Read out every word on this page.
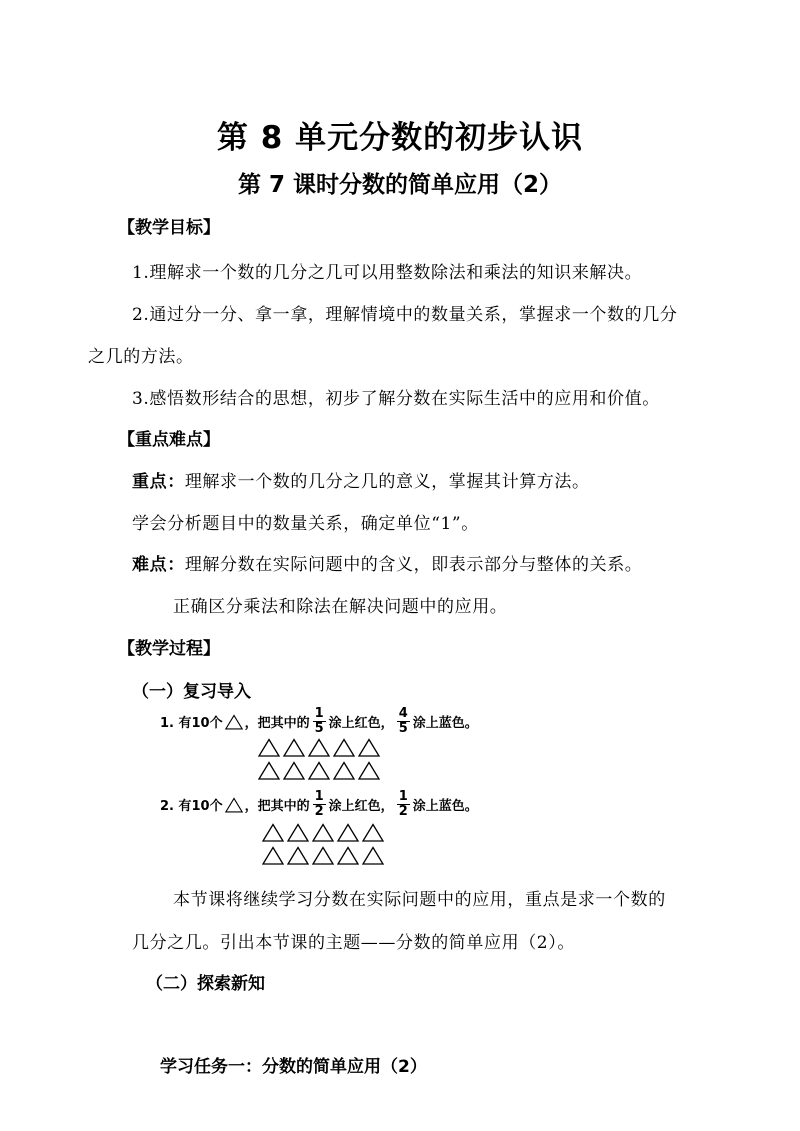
第 8 单元分数的初步认识
第 7 课时分数的简单应用（2）
【教学目标】
1.理解求一个数的几分之几可以用整数除法和乘法的知识来解决。
2.通过分一分、拿一拿，理解情境中的数量关系，掌握求一个数的几分
之几的方法。
3.感悟数形结合的思想，初步了解分数在实际生活中的应用和价值。
【重点难点】
重点：理解求一个数的几分之几的意义，掌握其计算方法。
学会分析题目中的数量关系，确定单位“1”。
难点：理解分数在实际问题中的含义，即表示部分与整体的关系。
正确区分乘法和除法在解决问题中的应用。
【教学过程】
（一）复习导入
1. 有10个 ，把其中的 $\frac{1}{5}$ 涂上红色， $\frac{4}{5}$ 涂上蓝色。
2. 有10个 ，把其中的 $\frac{1}{2}$ 涂上红色， $\frac{1}{2}$ 涂上蓝色。
本节课将继续学习分数在实际问题中的应用，重点是求一个数的
几分之几。引出本节课的主题——分数的简单应用（2）。
（二）探索新知
学习任务一：分数的简单应用（2）
